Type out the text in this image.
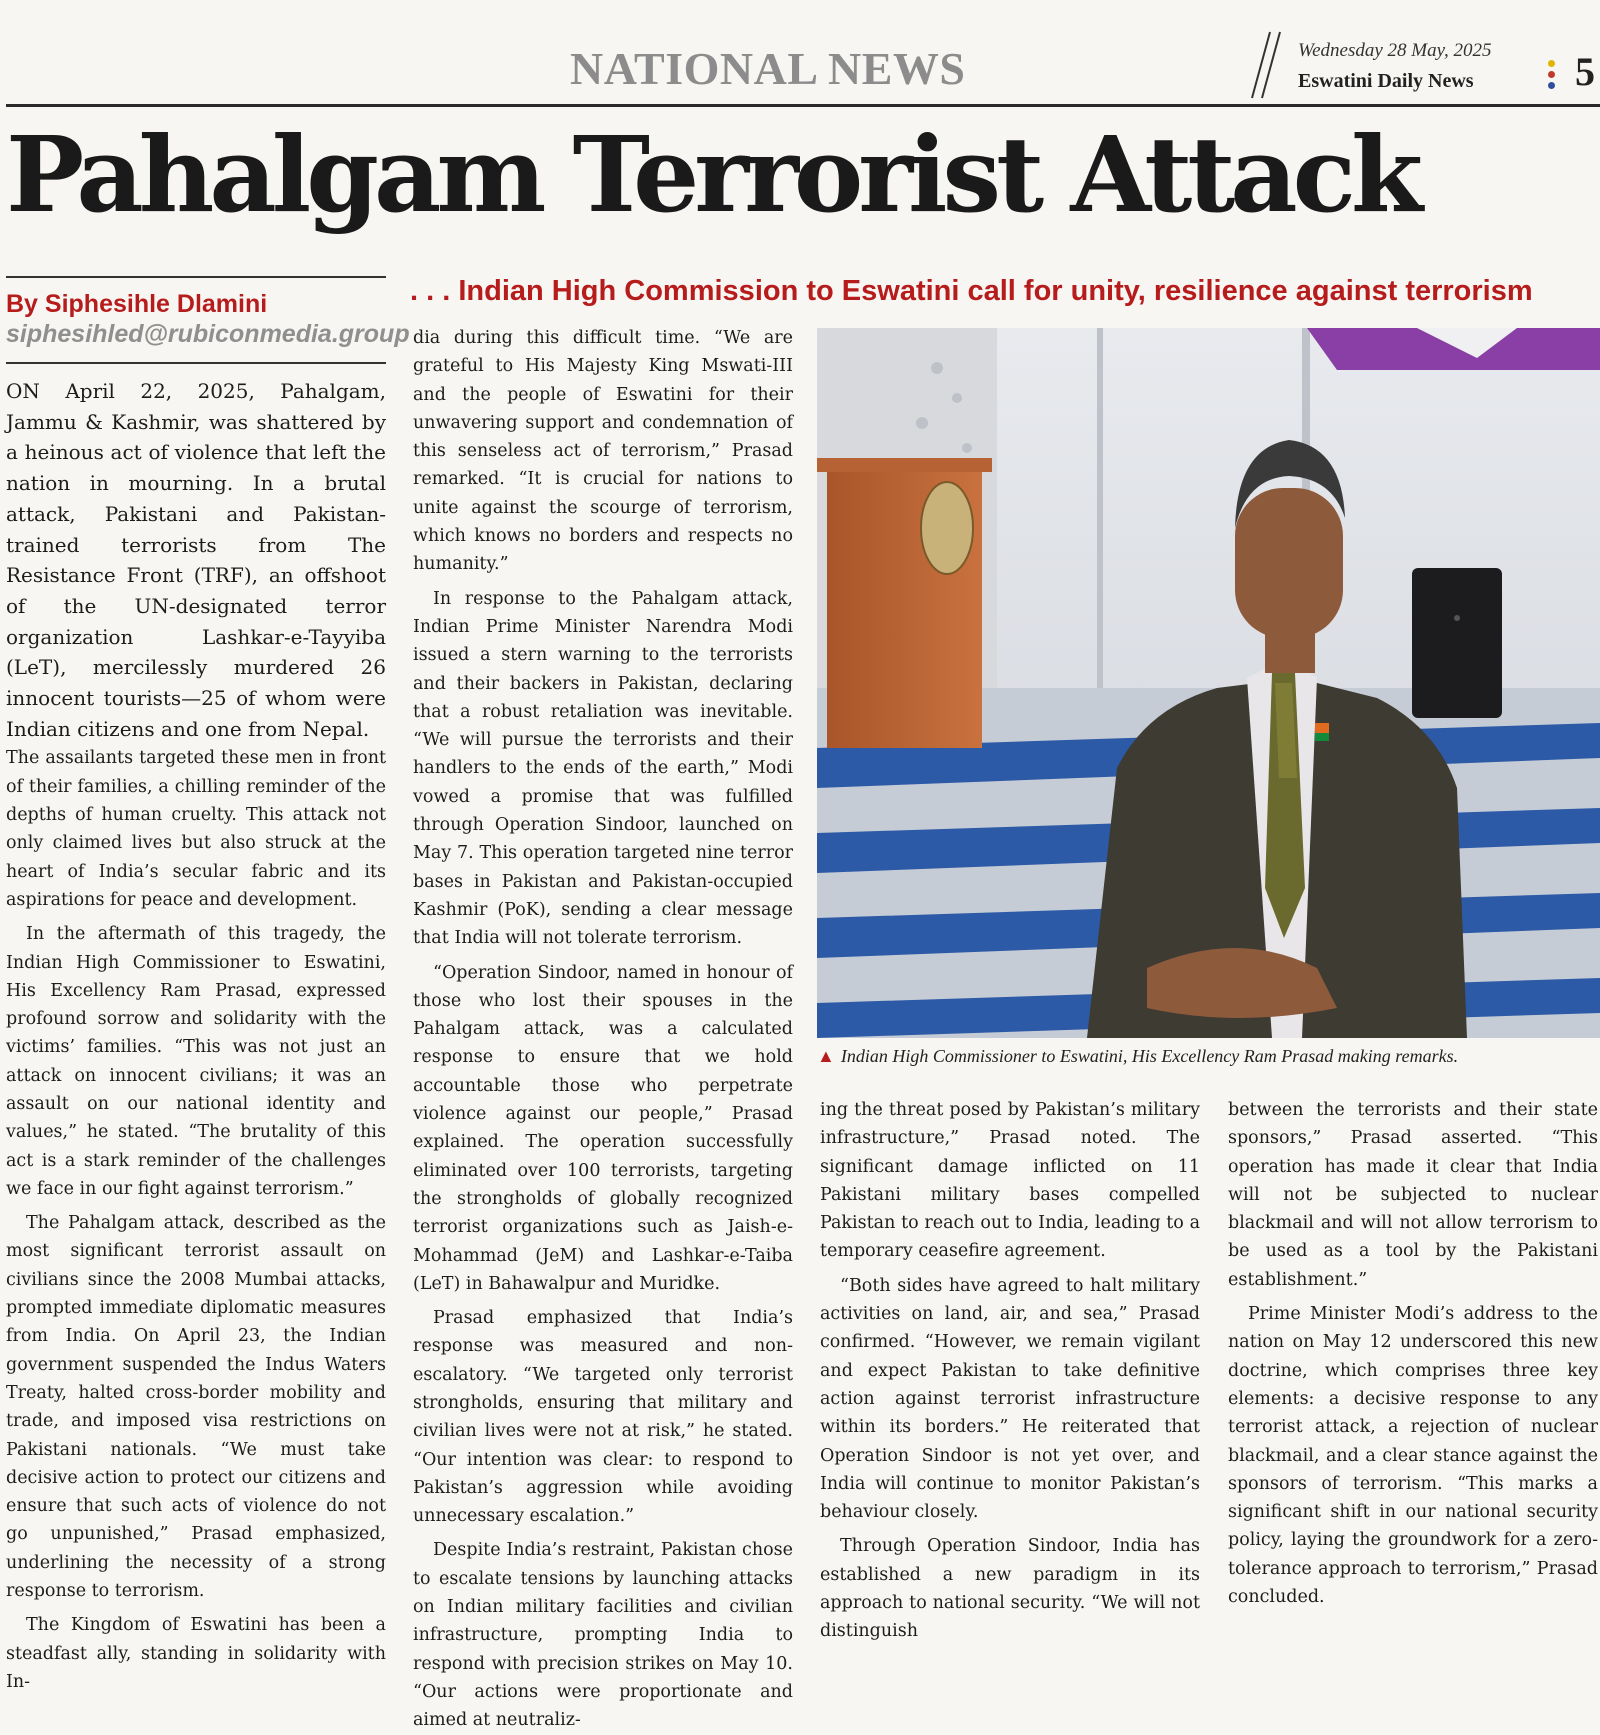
NATIONAL NEWS	Wednesday 28 May, 2025
Eswatini Daily News	5
Pahalgam Terrorist Attack
By Siphesihle Dlamini
siphesihled@rubiconmedia.group
. . . Indian High Commission to Eswatini call for unity, resilience against terrorism

ON April 22, 2025, Pahalgam, Jammu & Kashmir, was shattered by a heinous act of violence that left the nation in mourning. In a brutal attack, Pakistani and Pakistan-trained terrorists from The Resistance Front (TRF), an offshoot of the UN-designated terror organization Lashkar-e-Tayyiba (LeT), mercilessly murdered 26 innocent tourists—25 of whom were Indian citizens and one from Nepal.

The assailants targeted these men in front of their families, a chilling reminder of the depths of human cruelty. This attack not only claimed lives but also struck at the heart of India’s secular fabric and its aspirations for peace and development.

In the aftermath of this tragedy, the Indian High Commissioner to Eswatini, His Excellency Ram Prasad, expressed profound sorrow and solidarity with the victims’ families. “This was not just an attack on innocent civilians; it was an assault on our national identity and values,” he stated. “The brutality of this act is a stark reminder of the challenges we face in our fight against terrorism.”

The Pahalgam attack, described as the most significant terrorist assault on civilians since the 2008 Mumbai attacks, prompted immediate diplomatic measures from India. On April 23, the Indian government suspended the Indus Waters Treaty, halted cross-border mobility and trade, and imposed visa restrictions on Pakistani nationals. “We must take decisive action to protect our citizens and ensure that such acts of violence do not go unpunished,” Prasad emphasized, underlining the necessity of a strong response to terrorism.

The Kingdom of Eswatini has been a steadfast ally, standing in solidarity with In-

dia during this difficult time. “We are grateful to His Majesty King Mswati-III and the people of Eswatini for their unwavering support and condemnation of this senseless act of terrorism,” Prasad remarked. “It is crucial for nations to unite against the scourge of terrorism, which knows no borders and respects no humanity.”

In response to the Pahalgam attack, Indian Prime Minister Narendra Modi issued a stern warning to the terrorists and their backers in Pakistan, declaring that a robust retaliation was inevitable. “We will pursue the terrorists and their handlers to the ends of the earth,” Modi vowed a promise that was fulfilled through Operation Sindoor, launched on May 7. This operation targeted nine terror bases in Pakistan and Pakistan-occupied Kashmir (PoK), sending a clear message that India will not tolerate terrorism.

“Operation Sindoor, named in honour of those who lost their spouses in the Pahalgam attack, was a calculated response to ensure that we hold accountable those who perpetrate violence against our people,” Prasad explained. The operation successfully eliminated over 100 terrorists, targeting the strongholds of globally recognized terrorist organizations such as Jaish-e-Mohammad (JeM) and Lashkar-e-Taiba (LeT) in Bahawalpur and Muridke.

Prasad emphasized that India’s response was measured and non-escalatory. “We targeted only terrorist strongholds, ensuring that military and civilian lives were not at risk,” he stated. “Our intention was clear: to respond to Pakistan’s aggression while avoiding unnecessary escalation.”

Despite India’s restraint, Pakistan chose to escalate tensions by launching attacks on Indian military facilities and civilian infrastructure, prompting India to respond with precision strikes on May 10. “Our actions were proportionate and aimed at neutraliz-

▲ Indian High Commissioner to Eswatini, His Excellency Ram Prasad making remarks.

ing the threat posed by Pakistan’s military infrastructure,” Prasad noted. The significant damage inflicted on 11 Pakistani military bases compelled Pakistan to reach out to India, leading to a temporary ceasefire agreement.

“Both sides have agreed to halt military activities on land, air, and sea,” Prasad confirmed. “However, we remain vigilant and expect Pakistan to take definitive action against terrorist infrastructure within its borders.” He reiterated that Operation Sindoor is not yet over, and India will continue to monitor Pakistan’s behaviour closely.

Through Operation Sindoor, India has established a new paradigm in its approach to national security. “We will not distinguish

between the terrorists and their state sponsors,” Prasad asserted. “This operation has made it clear that India will not be subjected to nuclear blackmail and will not allow terrorism to be used as a tool by the Pakistani establishment.”

Prime Minister Modi’s address to the nation on May 12 underscored this new doctrine, which comprises three key elements: a decisive response to any terrorist attack, a rejection of nuclear blackmail, and a clear stance against the sponsors of terrorism. “This marks a significant shift in our national security policy, laying the groundwork for a zero-tolerance approach to terrorism,” Prasad concluded.
